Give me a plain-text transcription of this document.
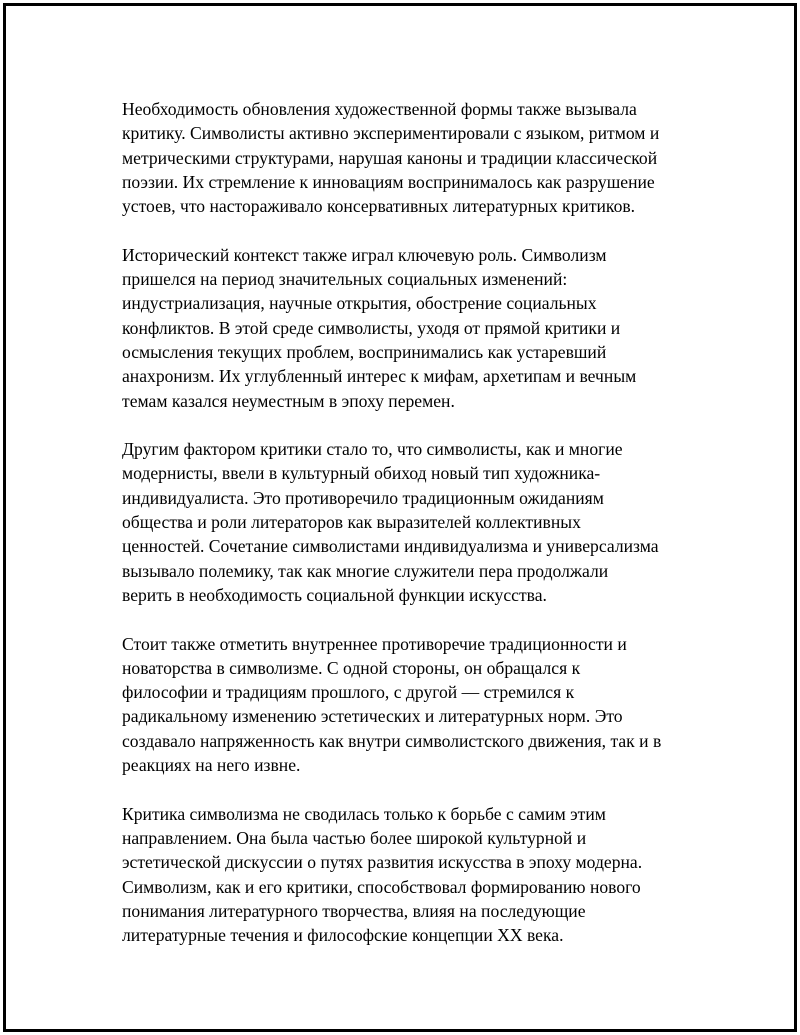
Необходимость обновления художественной формы также вызывала
критику. Символисты активно экспериментировали с языком, ритмом и
метрическими структурами, нарушая каноны и традиции классической
поэзии. Их стремление к инновациям воспринималось как разрушение
устоев, что настораживало консервативных литературных критиков.

Исторический контекст также играл ключевую роль. Символизм
пришелся на период значительных социальных изменений:
индустриализация, научные открытия, обострение социальных
конфликтов. В этой среде символисты, уходя от прямой критики и
осмысления текущих проблем, воспринимались как устаревший
анахронизм. Их углубленный интерес к мифам, архетипам и вечным
темам казался неуместным в эпоху перемен.

Другим фактором критики стало то, что символисты, как и многие
модернисты, ввели в культурный обиход новый тип художника-
индивидуалиста. Это противоречило традиционным ожиданиям
общества и роли литераторов как выразителей коллективных
ценностей. Сочетание символистами индивидуализма и универсализма
вызывало полемику, так как многие служители пера продолжали
верить в необходимость социальной функции искусства.

Стоит также отметить внутреннее противоречие традиционности и
новаторства в символизме. С одной стороны, он обращался к
философии и традициям прошлого, с другой — стремился к
радикальному изменению эстетических и литературных норм. Это
создавало напряженность как внутри символистского движения, так и в
реакциях на него извне.

Критика символизма не сводилась только к борьбе с самим этим
направлением. Она была частью более широкой культурной и
эстетической дискуссии о путях развития искусства в эпоху модерна.
Символизм, как и его критики, способствовал формированию нового
понимания литературного творчества, влияя на последующие
литературные течения и философские концепции XX века.
